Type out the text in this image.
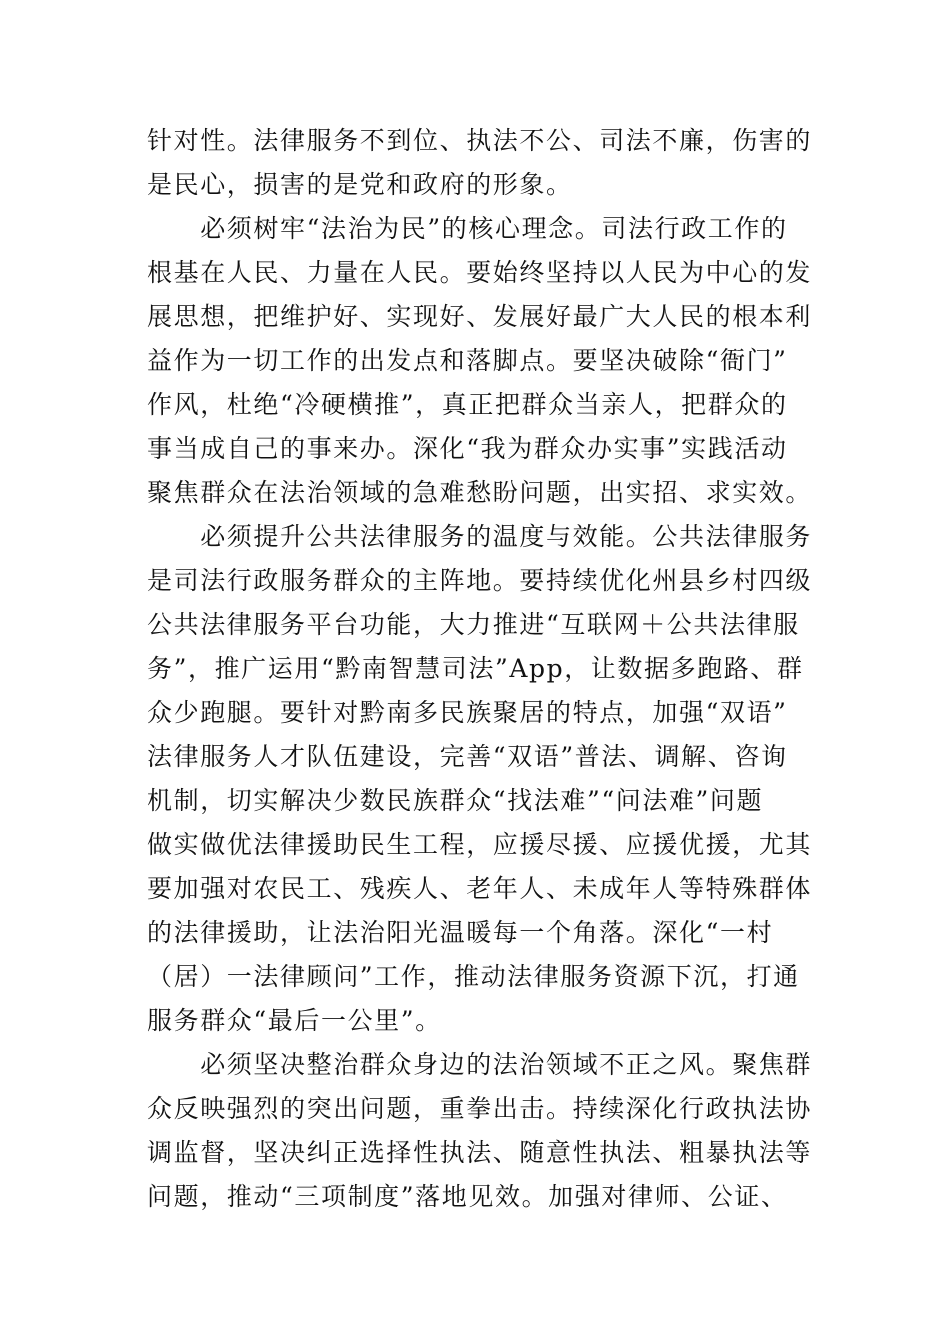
针对性。法律服务不到位、执法不公、司法不廉，伤害的
是民心，损害的是党和政府的形象。
　　必须树牢“法治为民”的核心理念。司法行政工作的
根基在人民、力量在人民。要始终坚持以人民为中心的发
展思想，把维护好、实现好、发展好最广大人民的根本利
益作为一切工作的出发点和落脚点。要坚决破除“衙门”
作风，杜绝“冷硬横推”，真正把群众当亲人，把群众的
事当成自己的事来办。深化“我为群众办实事”实践活动
聚焦群众在法治领域的急难愁盼问题，出实招、求实效。
　　必须提升公共法律服务的温度与效能。公共法律服务
是司法行政服务群众的主阵地。要持续优化州县乡村四级
公共法律服务平台功能，大力推进“互联网＋公共法律服
务”，推广运用“黔南智慧司法”App，让数据多跑路、群
众少跑腿。要针对黔南多民族聚居的特点，加强“双语”
法律服务人才队伍建设，完善“双语”普法、调解、咨询
机制，切实解决少数民族群众“找法难”“问法难”问题
做实做优法律援助民生工程，应援尽援、应援优援，尤其
要加强对农民工、残疾人、老年人、未成年人等特殊群体
的法律援助，让法治阳光温暖每一个角落。深化“一村
（居）一法律顾问”工作，推动法律服务资源下沉，打通
服务群众“最后一公里”。
　　必须坚决整治群众身边的法治领域不正之风。聚焦群
众反映强烈的突出问题，重拳出击。持续深化行政执法协
调监督，坚决纠正选择性执法、随意性执法、粗暴执法等
问题，推动“三项制度”落地见效。加强对律师、公证、
